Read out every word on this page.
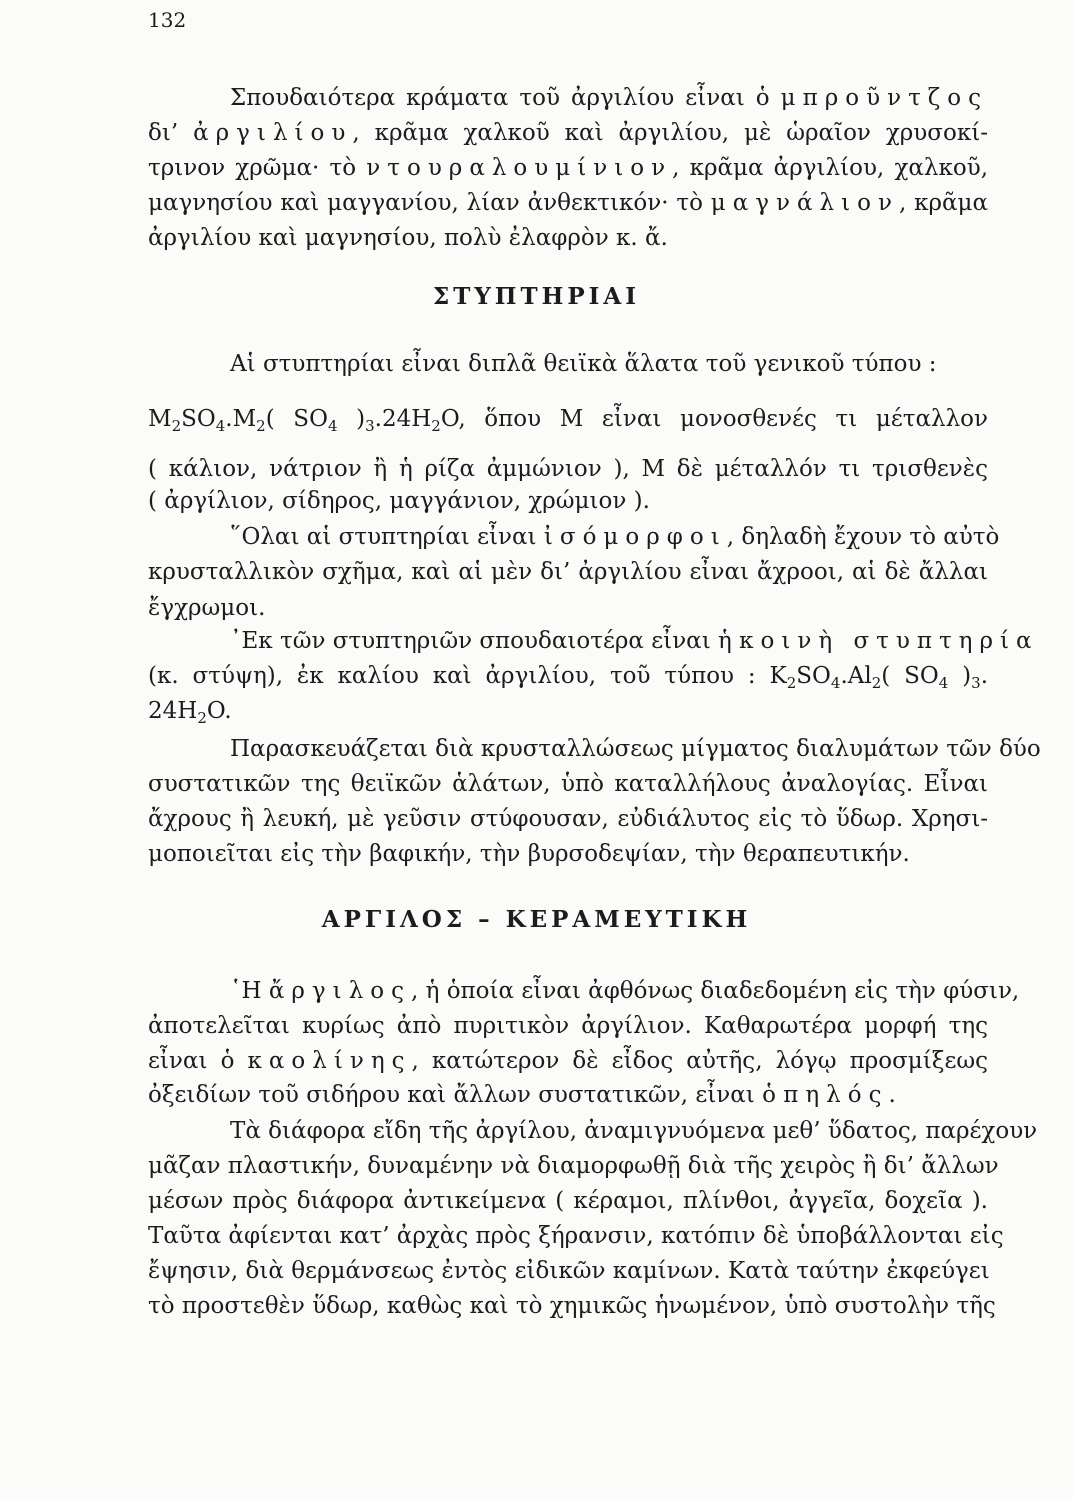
132
Σπουδαιότερα κράματα τοῦ ἀργιλίου εἶναι ὁ μπροῦντζος
δι’ ἀργιλίου, κρᾶμα χαλκοῦ καὶ ἀργιλίου, μὲ ὡραῖον χρυσοκί-
τρινον χρῶμα· τὸ ντουραλουμίνιον, κρᾶμα ἀργιλίου, χαλκοῦ,
μαγνησίου καὶ μαγγανίου, λίαν ἀνθεκτικόν· τὸ μαγνάλιον, κρᾶμα
ἀργιλίου καὶ μαγνησίου, πολὺ ἐλαφρὸν κ. ἄ.
ΣΤΥΠΤΗΡΙΑΙ
Αἱ στυπτηρίαι εἶναι διπλᾶ θειϊκὰ ἅλατα τοῦ γενικοῦ τύπου :
$M_2SO_4.M_2$( $SO_4$ )$_3.24H_2O$, ὅπου M εἶναι μονοσθενές τι μέταλλον
( κάλιον, νάτριον ἢ ἡ ρίζα ἀμμώνιον ), M δὲ μέταλλόν τι τρισθενὲς
( ἀργίλιον, σίδηρος, μαγγάνιον, χρώμιον ).
῞Ολαι αἱ στυπτηρίαι εἶναι ἰσόμορφοι, δηλαδὴ ἔχουν τὸ αὐτὸ
κρυσταλλικὸν σχῆμα, καὶ αἱ μὲν δι’ ἀργιλίου εἶναι ἄχροοι, αἱ δὲ ἄλλαι
ἔγχρωμοι.
᾿Εκ τῶν στυπτηριῶν σπουδαιοτέρα εἶναι ἡ κοινὴ στυπτηρία
(κ. στύψη), ἐκ καλίου καὶ ἀργιλίου, τοῦ τύπου : $K_2SO_4.Al_2$( $SO_4$ )$_3$.
$24H_2O$.
Παρασκευάζεται διὰ κρυσταλλώσεως μίγματος διαλυμάτων τῶν δύο
συστατικῶν της θειϊκῶν ἁλάτων, ὑπὸ καταλλήλους ἀναλογίας. Εἶναι
ἄχρους ἢ λευκή, μὲ γεῦσιν στύφουσαν, εὐδιάλυτος εἰς τὸ ὕδωρ. Χρησι-
μοποιεῖται εἰς τὴν βαφικήν, τὴν βυρσοδεψίαν, τὴν θεραπευτικήν.
ΑΡΓΙΛΟΣ – ΚΕΡΑΜΕΥΤΙΚΗ
῾Η ἄργιλος, ἡ ὁποία εἶναι ἀφθόνως διαδεδομένη εἰς τὴν φύσιν,
ἀποτελεῖται κυρίως ἀπὸ πυριτικὸν ἀργίλιον. Καθαρωτέρα μορφή της
εἶναι ὁ καολίνης, κατώτερον δὲ εἶδος αὐτῆς, λόγῳ προσμίξεως
ὀξειδίων τοῦ σιδήρου καὶ ἄλλων συστατικῶν, εἶναι ὁ πηλός.
Τὰ διάφορα εἴδη τῆς ἀργίλου, ἀναμιγνυόμενα μεθ’ ὕδατος, παρέχουν
μᾶζαν πλαστικήν, δυναμένην νὰ διαμορφωθῇ διὰ τῆς χειρὸς ἢ δι’ ἄλλων
μέσων πρὸς διάφορα ἀντικείμενα ( κέραμοι, πλίνθοι, ἀγγεῖα, δοχεῖα ).
Ταῦτα ἀφίενται κατ’ ἀρχὰς πρὸς ξήρανσιν, κατόπιν δὲ ὑποβάλλονται εἰς
ἔψησιν, διὰ θερμάνσεως ἐντὸς εἰδικῶν καμίνων. Κατὰ ταύτην ἐκφεύγει
τὸ προστεθὲν ὕδωρ, καθὼς καὶ τὸ χημικῶς ἡνωμένον, ὑπὸ συστολὴν τῆς
